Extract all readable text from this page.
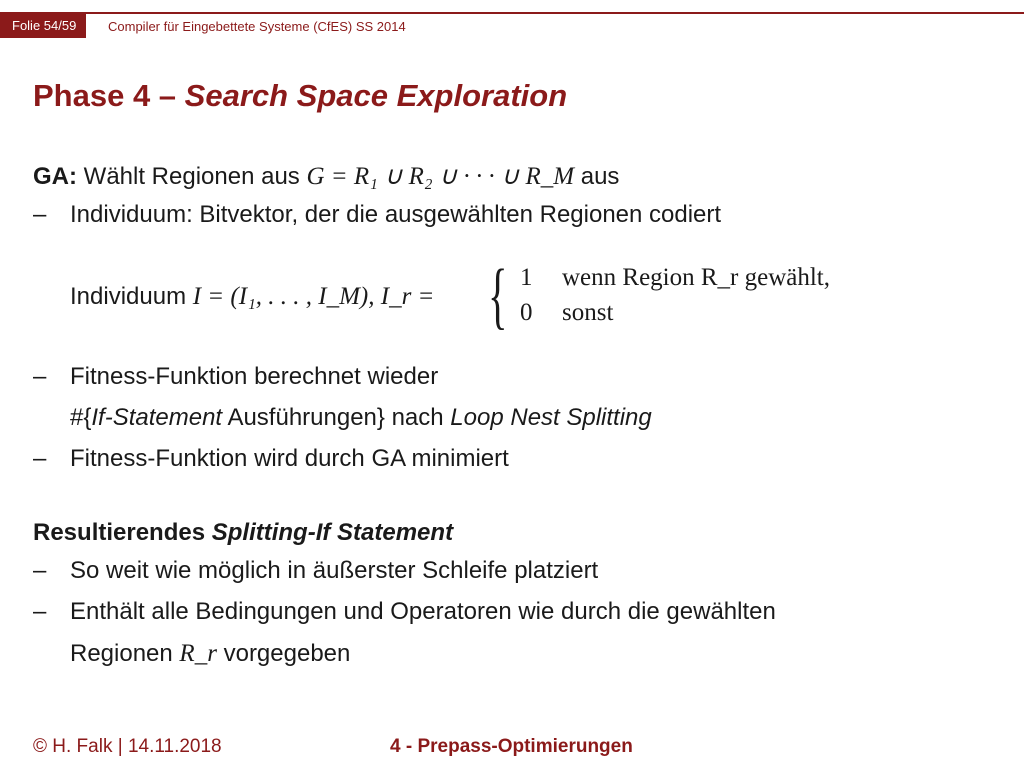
Folie 54/59	Compiler für Eingebettete Systeme (CfES) SS 2014
Phase 4 – Search Space Exploration
GA: Wählt Regionen aus G = R₁ ∪ R₂ ∪ · · · ∪ R_M aus
– Individuum: Bitvektor, der die ausgewählten Regionen codiert
Individuum I = (I₁, . . . , I_M), I_r = { 1 wenn Region R_r gewählt,
0 sonst
– Fitness-Funktion berechnet wieder
#{If-Statement Ausführungen} nach Loop Nest Splitting
– Fitness-Funktion wird durch GA minimiert
Resultierendes Splitting-If Statement
– So weit wie möglich in äußerster Schleife platziert
– Enthält alle Bedingungen und Operatoren wie durch die gewählten
Regionen R_r vorgegeben
© H. Falk | 14.11.2018	4 - Prepass-Optimierungen
